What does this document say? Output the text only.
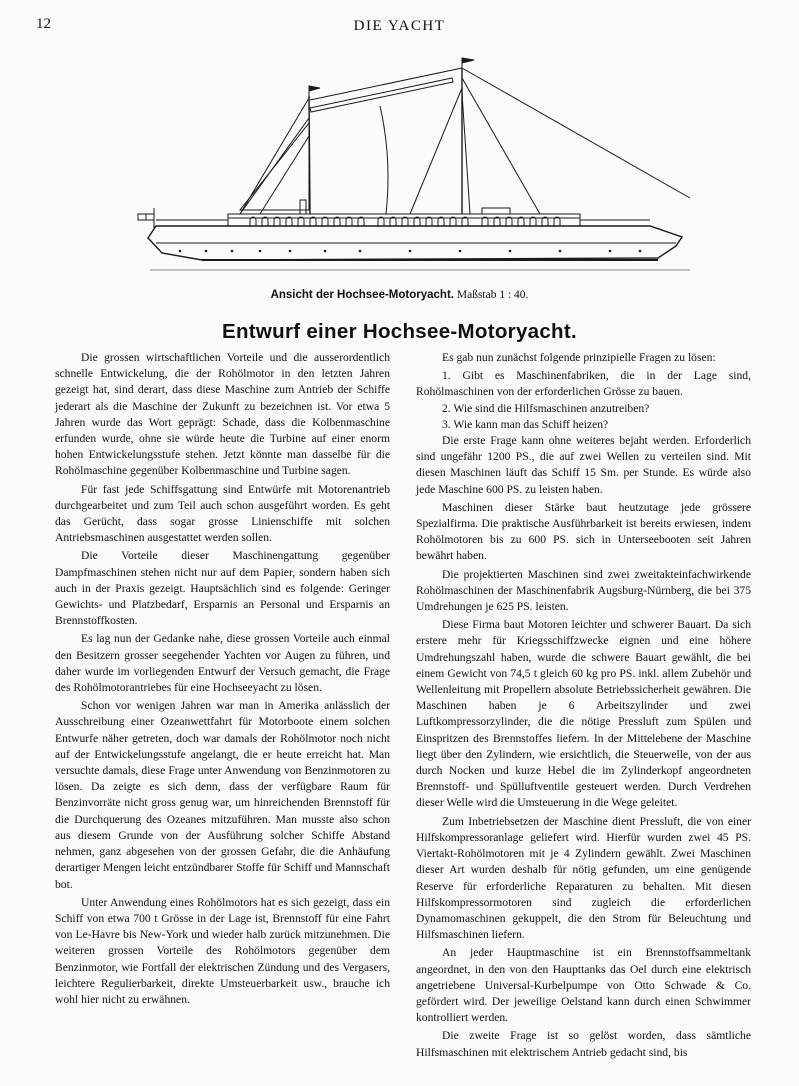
12	DIE YACHT
Ansicht der Hochsee-Motoryacht. Maßstab 1 : 40.
Entwurf einer Hochsee-Motoryacht.

Die grossen wirtschaftlichen Vorteile und die ausserordentlich schnelle Entwickelung, die der Rohölmotor in den letzten Jahren gezeigt hat, sind derart, dass diese Maschine zum Antrieb der Schiffe jederart als die Maschine der Zukunft zu bezeichnen ist. Vor etwa 5 Jahren wurde das Wort geprägt: Schade, dass die Kolbenmaschine erfunden wurde, ohne sie würde heute die Turbine auf einer enorm hohen Entwickelungsstufe stehen. Jetzt könnte man dasselbe für die Rohölmaschine gegenüber Kolbenmaschine und Turbine sagen.

Für fast jede Schiffsgattung sind Entwürfe mit Motorenantrieb durchgearbeitet und zum Teil auch schon ausgeführt worden. Es geht das Gerücht, dass sogar grosse Linienschiffe mit solchen Antriebsmaschinen ausgestattet werden sollen.

Die Vorteile dieser Maschinengattung gegenüber Dampfmaschinen stehen nicht nur auf dem Papier, sondern haben sich auch in der Praxis gezeigt. Hauptsächlich sind es folgende: Geringer Gewichts- und Platzbedarf, Ersparnis an Personal und Ersparnis an Brennstoffkosten.

Es lag nun der Gedanke nahe, diese grossen Vorteile auch einmal den Besitzern grosser seegehender Yachten vor Augen zu führen, und daher wurde im vorliegenden Entwurf der Versuch gemacht, die Frage des Rohölmotorantriebes für eine Hochseeyacht zu lösen.

Schon vor wenigen Jahren war man in Amerika anlässlich der Ausschreibung einer Ozeanwettfahrt für Motorboote einem solchen Entwurfe näher getreten, doch war damals der Rohölmotor noch nicht auf der Entwickelungsstufe angelangt, die er heute erreicht hat. Man versuchte damals, diese Frage unter Anwendung von Benzinmotoren zu lösen. Da zeigte es sich denn, dass der verfügbare Raum für Benzinvorräte nicht gross genug war, um hinreichenden Brennstoff für die Durchquerung des Ozeanes mitzuführen. Man musste also schon aus diesem Grunde von der Ausführung solcher Schiffe Abstand nehmen, ganz abgesehen von der grossen Gefahr, die die Anhäufung derartiger Mengen leicht entzündbarer Stoffe für Schiff und Mannschaft bot.

Unter Anwendung eines Rohölmotors hat es sich gezeigt, dass ein Schiff von etwa 700 t Grösse in der Lage ist, Brennstoff für eine Fahrt von Le-Havre bis New-York und wieder halb zurück mitzunehmen. Die weiteren grossen Vorteile des Rohölmotors gegenüber dem Benzinmotor, wie Fortfall der elektrischen Zündung und des Vergasers, leichtere Regulierbarkeit, direkte Umsteuerbarkeit usw., brauche ich wohl hier nicht zu erwähnen.

Es gab nun zunächst folgende prinzipielle Fragen zu lösen:

1. Gibt es Maschinenfabriken, die in der Lage sind, Rohölmaschinen von der erforderlichen Grösse zu bauen.

2. Wie sind die Hilfsmaschinen anzutreiben?

3. Wie kann man das Schiff heizen?

Die erste Frage kann ohne weiteres bejaht werden. Erforderlich sind ungefähr 1200 PS., die auf zwei Wellen zu verteilen sind. Mit diesen Maschinen läuft das Schiff 15 Sm. per Stunde. Es würde also jede Maschine 600 PS. zu leisten haben.

Maschinen dieser Stärke baut heutzutage jede grössere Spezialfirma. Die praktische Ausführbarkeit ist bereits erwiesen, indem Rohölmotoren bis zu 600 PS. sich in Unterseebooten seit Jahren bewährt haben.

Die projektierten Maschinen sind zwei zweitakteinfachwirkende Rohölmaschinen der Maschinenfabrik Augsburg-Nürnberg, die bei 375 Umdrehungen je 625 PS. leisten.

Diese Firma baut Motoren leichter und schwerer Bauart. Da sich erstere mehr für Kriegsschiffzwecke eignen und eine höhere Umdrehungszahl haben, wurde die schwere Bauart gewählt, die bei einem Gewicht von 74,5 t gleich 60 kg pro PS. inkl. allem Zubehör und Wellenleitung mit Propellern absolute Betriebssicherheit gewähren. Die Maschinen haben je 6 Arbeitszylinder und zwei Luftkompressorzylinder, die die nötige Pressluft zum Spülen und Einspritzen des Brennstoffes liefern. In der Mittelebene der Maschine liegt über den Zylindern, wie ersichtlich, die Steuerwelle, von der aus durch Nocken und kurze Hebel die im Zylinderkopf angeordneten Brennstoff- und Spülluftventile gesteuert werden. Durch Verdrehen dieser Welle wird die Umsteuerung in die Wege geleitet.

Zum Inbetriebsetzen der Maschine dient Pressluft, die von einer Hilfskompressoranlage geliefert wird. Hierfür wurden zwei 45 PS. Viertakt-Rohölmotoren mit je 4 Zylindern gewählt. Zwei Maschinen dieser Art wurden deshalb für nötig gefunden, um eine genügende Reserve für erforderliche Reparaturen zu behalten. Mit diesen Hilfskompressormotoren sind zugleich die erforderlichen Dynamomaschinen gekuppelt, die den Strom für Beleuchtung und Hilfsmaschinen liefern.

An jeder Hauptmaschine ist ein Brennstoffsammeltank angeordnet, in den von den Haupttanks das Oel durch eine elektrisch angetriebene Universal-Kurbelpumpe von Otto Schwade & Co. gefördert wird. Der jeweilige Oelstand kann durch einen Schwimmer kontrolliert werden.

Die zweite Frage ist so gelöst worden, dass sämtliche Hilfsmaschinen mit elektrischem Antrieb gedacht sind, bis
